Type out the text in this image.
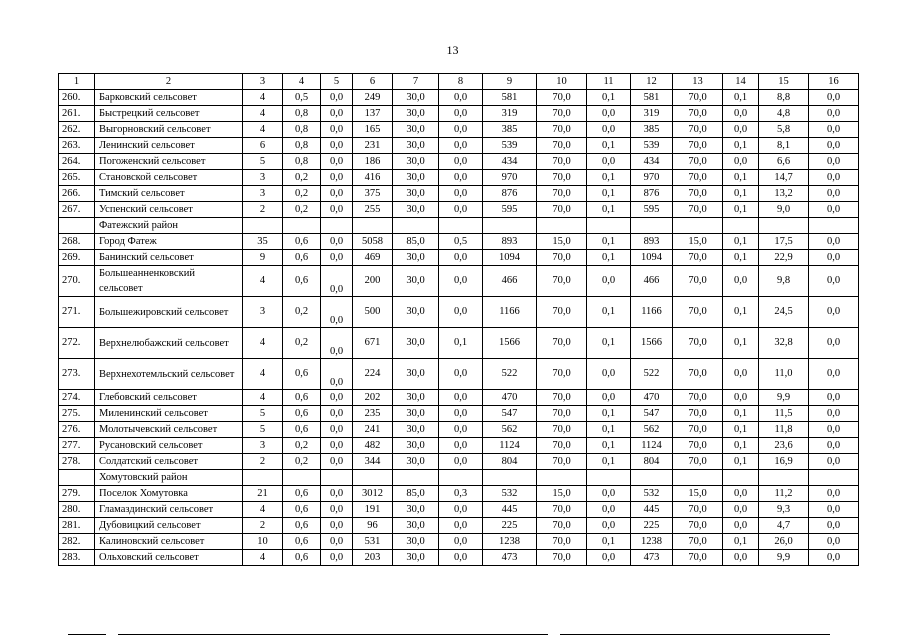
13
1	2	3	4	5	6	7	8	9	10	11	12	13	14	15	16
260.	Барковский сельсовет	4	0,5	0,0	249	30,0	0,0	581	70,0	0,1	581	70,0	0,1	8,8	0,0
261.	Быстрецкий сельсовет	4	0,8	0,0	137	30,0	0,0	319	70,0	0,0	319	70,0	0,0	4,8	0,0
262.	Выгорновский сельсовет	4	0,8	0,0	165	30,0	0,0	385	70,0	0,0	385	70,0	0,0	5,8	0,0
263.	Ленинский сельсовет	6	0,8	0,0	231	30,0	0,0	539	70,0	0,1	539	70,0	0,1	8,1	0,0
264.	Погоженский сельсовет	5	0,8	0,0	186	30,0	0,0	434	70,0	0,0	434	70,0	0,0	6,6	0,0
265.	Становской сельсовет	3	0,2	0,0	416	30,0	0,0	970	70,0	0,1	970	70,0	0,1	14,7	0,0
266.	Тимский сельсовет	3	0,2	0,0	375	30,0	0,0	876	70,0	0,1	876	70,0	0,1	13,2	0,0
267.	Успенский сельсовет	2	0,2	0,0	255	30,0	0,0	595	70,0	0,1	595	70,0	0,1	9,0	0,0
	Фатежский район														
268.	Город Фатеж	35	0,6	0,0	5058	85,0	0,5	893	15,0	0,1	893	15,0	0,1	17,5	0,0
269.	Банинский сельсовет	9	0,6	0,0	469	30,0	0,0	1094	70,0	0,1	1094	70,0	0,1	22,9	0,0
270.	Большеанненковский сельсовет	4	0,6	0,0	200	30,0	0,0	466	70,0	0,0	466	70,0	0,0	9,8	0,0
271.	Большежировский сельсовет	3	0,2	0,0	500	30,0	0,0	1166	70,0	0,1	1166	70,0	0,1	24,5	0,0
272.	Верхнелюбажский сельсовет	4	0,2	0,0	671	30,0	0,1	1566	70,0	0,1	1566	70,0	0,1	32,8	0,0
273.	Верхнехотемльский сельсовет	4	0,6	0,0	224	30,0	0,0	522	70,0	0,0	522	70,0	0,0	11,0	0,0
274.	Глебовский сельсовет	4	0,6	0,0	202	30,0	0,0	470	70,0	0,0	470	70,0	0,0	9,9	0,0
275.	Миленинский сельсовет	5	0,6	0,0	235	30,0	0,0	547	70,0	0,1	547	70,0	0,1	11,5	0,0
276.	Молотычевский сельсовет	5	0,6	0,0	241	30,0	0,0	562	70,0	0,1	562	70,0	0,1	11,8	0,0
277.	Русановский сельсовет	3	0,2	0,0	482	30,0	0,0	1124	70,0	0,1	1124	70,0	0,1	23,6	0,0
278.	Солдатский сельсовет	2	0,2	0,0	344	30,0	0,0	804	70,0	0,1	804	70,0	0,1	16,9	0,0
	Хомутовский район														
279.	Поселок Хомутовка	21	0,6	0,0	3012	85,0	0,3	532	15,0	0,0	532	15,0	0,0	11,2	0,0
280.	Гламаздинский сельсовет	4	0,6	0,0	191	30,0	0,0	445	70,0	0,0	445	70,0	0,0	9,3	0,0
281.	Дубовицкий сельсовет	2	0,6	0,0	96	30,0	0,0	225	70,0	0,0	225	70,0	0,0	4,7	0,0
282.	Калиновский сельсовет	10	0,6	0,0	531	30,0	0,0	1238	70,0	0,1	1238	70,0	0,1	26,0	0,0
283.	Ольховский сельсовет	4	0,6	0,0	203	30,0	0,0	473	70,0	0,0	473	70,0	0,0	9,9	0,0
